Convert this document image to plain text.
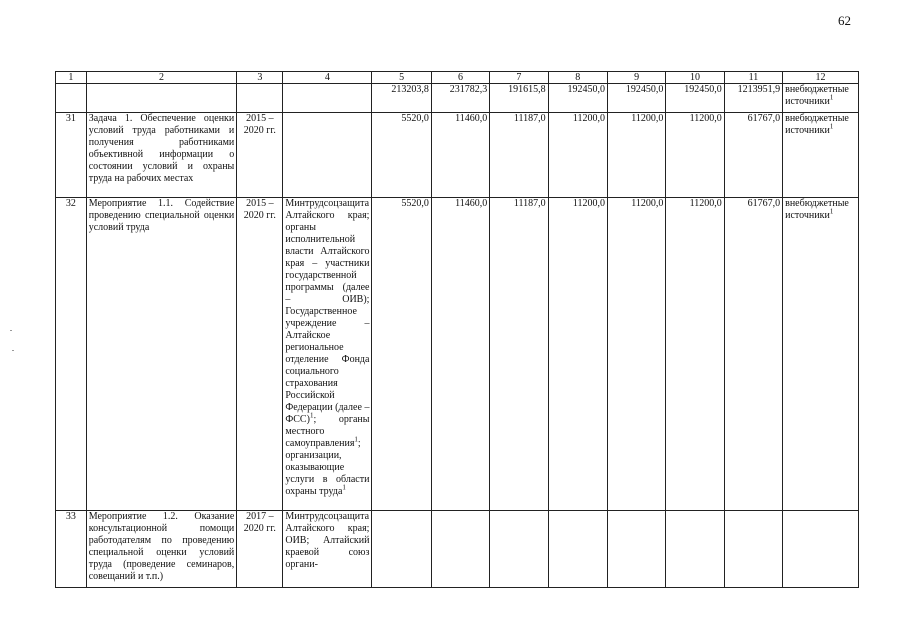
62
1	2	3	4	5	6	7	8	9	10	11	12
				213203,8	231782,3	191615,8	192450,0	192450,0	192450,0	1213951,9	внебюджетные источники$^1$
31	Задача 1. Обеспечение оценки условий труда работниками и получения работниками объективной информации о состоянии условий и охраны труда на рабочих местах	2015 – 2020 гг.		5520,0	11460,0	11187,0	11200,0	11200,0	11200,0	61767,0	внебюджетные источники$^1$
32	Мероприятие 1.1. Содействие проведению специальной оценки условий труда	2015 – 2020 гг.	Минтрудсоцзащита Алтайского края; органы исполнительной власти Алтайского края – участники государственной программы (далее – ОИВ); Государственное учреждение – Алтайское региональное отделение Фонда социального страхования Российской Федерации (далее – ФСС)$^1$; органы местного самоуправления$^1$; организации, оказывающие услуги в области охраны труда$^1$	5520,0	11460,0	11187,0	11200,0	11200,0	11200,0	61767,0	внебюджетные источники$^1$
33	Мероприятие 1.2. Оказание консультационной помощи работодателям по проведению специальной оценки условий труда (проведение семинаров, совещаний и т.п.)	2017 – 2020 гг.	Минтрудсоцзащита Алтайского края; ОИВ; Алтайский краевой союз органи-								
